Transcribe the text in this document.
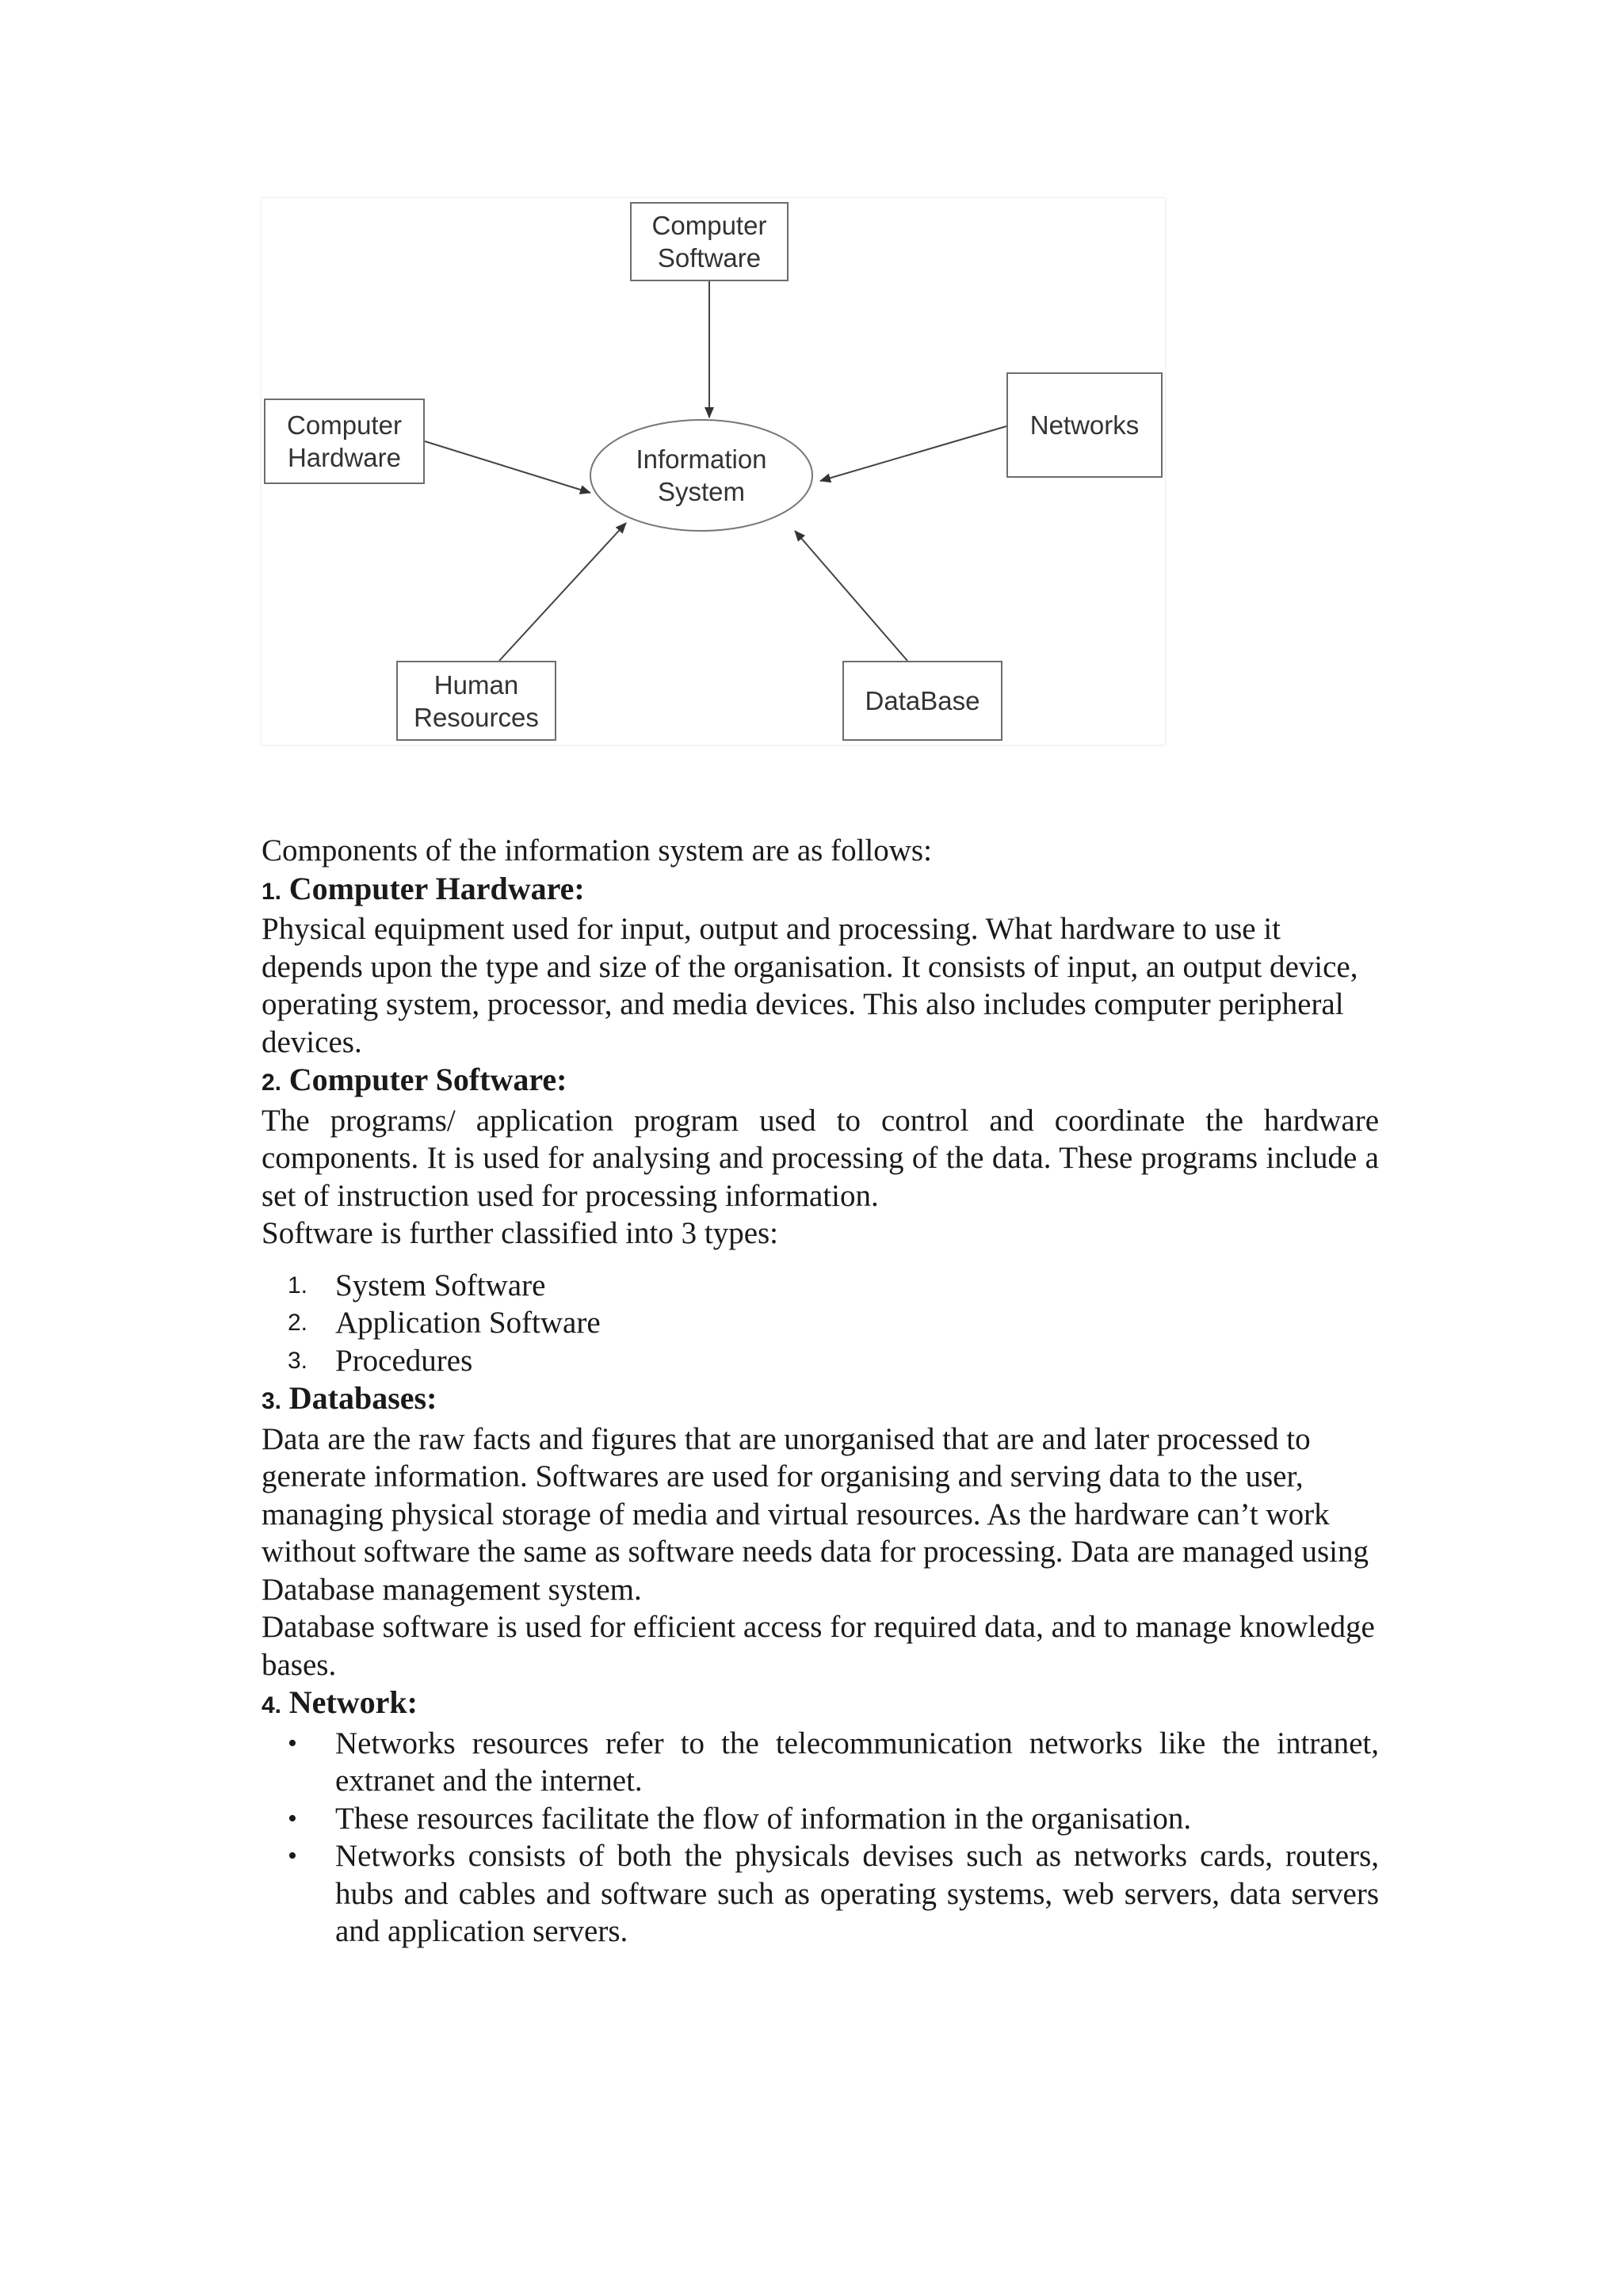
Computer
Software
Computer
Hardware
Networks
Information
System
Human
Resources
DataBase

Components of the information system are as follows:

1. Computer Hardware:

Physical equipment used for input, output and processing. What hardware to use it depends upon the type and size of the organisation. It consists of input, an output device, operating system, processor, and media devices. This also includes computer peripheral devices.

2. Computer Software:

The programs/ application program used to control and coordinate the hardware components. It is used for analysing and processing of the data. These programs include a set of instruction used for processing information.

Software is further classified into 3 types:

1. System Software
2. Application Software
3. Procedures

3. Databases:

Data are the raw facts and figures that are unorganised that are and later processed to generate information. Softwares are used for organising and serving data to the user, managing physical storage of media and virtual resources. As the hardware can’t work without software the same as software needs data for processing. Data are managed using Database management system.

Database software is used for efficient access for required data, and to manage knowledge bases.

4. Network:

• Networks resources refer to the telecommunication networks like the intranet, extranet and the internet.
• These resources facilitate the flow of information in the organisation.
• Networks consists of both the physicals devises such as networks cards, routers, hubs and cables and software such as operating systems, web servers, data servers and application servers.
